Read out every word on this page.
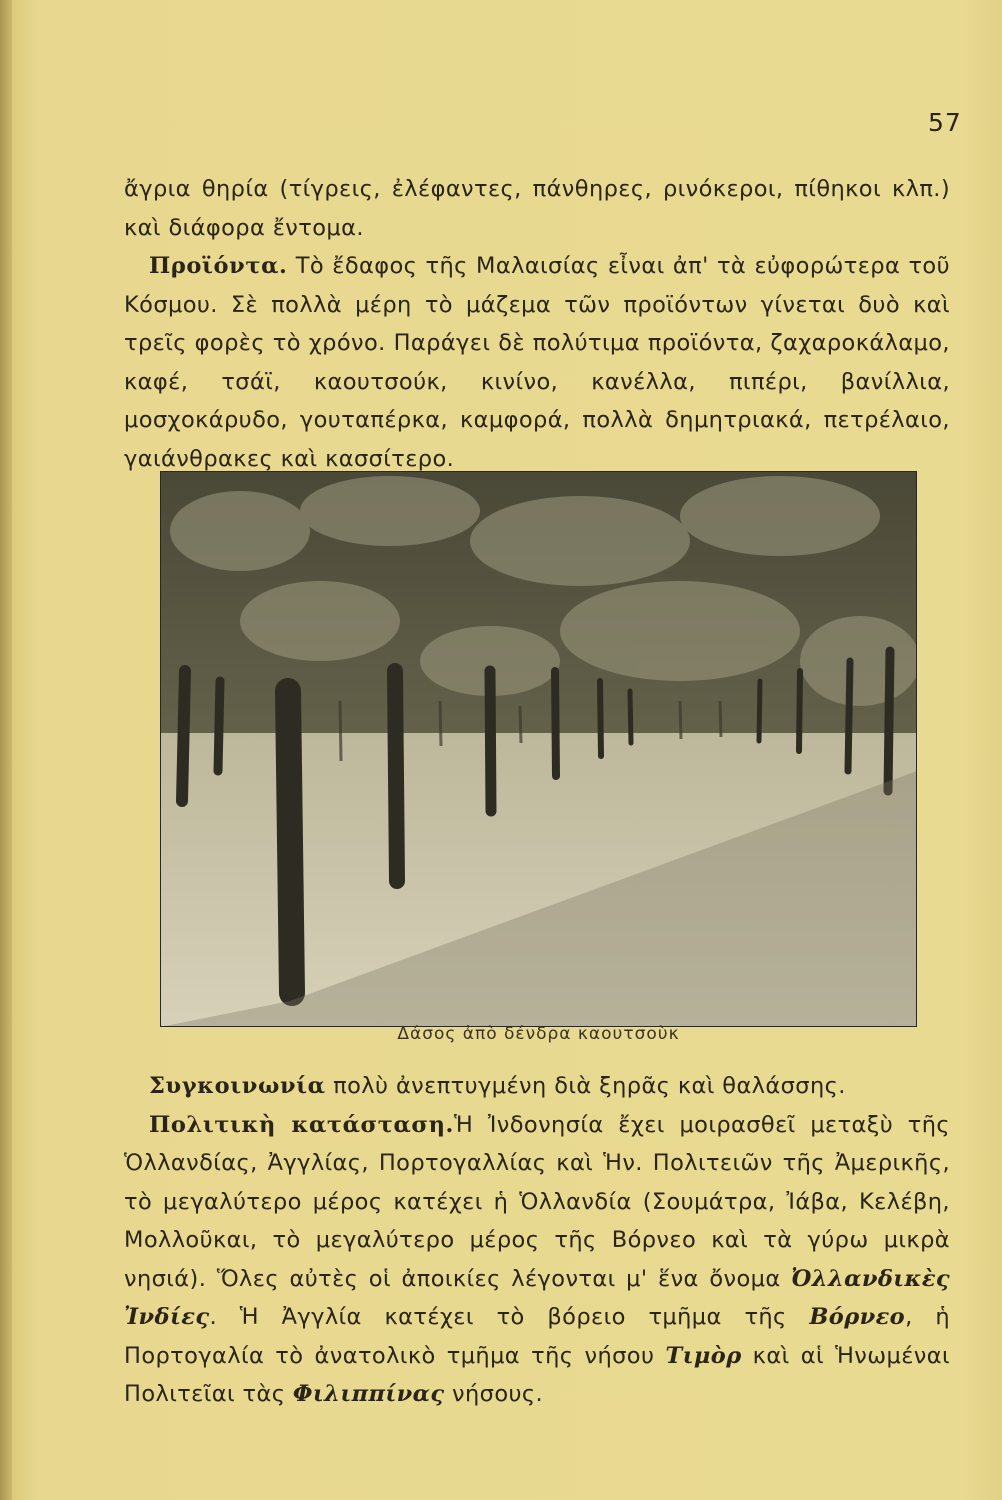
57

ἄγρια θηρία (τίγρεις, ἐλέφαντες, πάνθηρες, ρινόκεροι, πίθηκοι κλπ.) καὶ διάφορα ἔντομα.

Προϊόντα. Τὸ ἔδαφος τῆς Μαλαισίας εἶναι ἀπ' τὰ εὐφορώτερα τοῦ Κόσμου. Σὲ πολλὰ μέρη τὸ μάζεμα τῶν προϊόντων γίνεται δυὸ καὶ τρεῖς φορὲς τὸ χρόνο. Παράγει δὲ πολύτιμα προϊόντα, ζαχαροκάλαμο, καφέ, τσάϊ, καουτσούκ, κινίνο, κανέλλα, πιπέρι, βανίλλια, μοσχοκάρυδο, γουταπέρκα, καμφορά, πολλὰ δημητριακά, πετρέλαιο, γαιάνθρακες καὶ κασσίτερο.

Δάσος ἀπὸ δένδρα καουτσοὺκ

Συγκοινωνία πολὺ ἀνεπτυγμένη διὰ ξηρᾶς καὶ θαλάσσης.

Πολιτικὴ κατάσταση.Ἡ Ἰνδονησία ἔχει μοιρασθεῖ μεταξὺ τῆς Ὁλλανδίας, Ἀγγλίας, Πορτογαλλίας καὶ Ἡν. Πολιτειῶν τῆς Ἀμερικῆς, τὸ μεγαλύτερο μέρος κατέχει ἡ Ὁλλανδία (Σουμάτρα, Ἰάβα, Κελέβη, Μολλοῦκαι, τὸ μεγαλύτερο μέρος τῆς Βόρνεο καὶ τὰ γύρω μικρὰ νησιά). Ὅλες αὐτὲς οἱ ἀποικίες λέγονται μ' ἕνα ὄνομα Ὀλλανδικὲς Ἰνδίες. Ἡ Ἀγγλία κατέχει τὸ βόρειο τμῆμα τῆς Βόρνεο, ἡ Πορτογαλία τὸ ἀνατολικὸ τμῆμα τῆς νήσου Τιμὸρ καὶ αἱ Ἡνωμέναι Πολιτεῖαι τὰς Φιλιππίνας νήσους.
